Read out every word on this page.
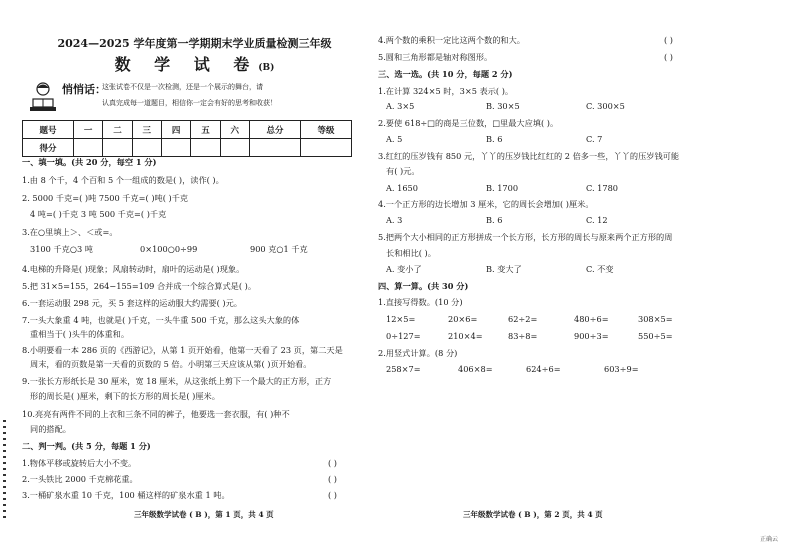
2024—2025 学年度第一学期期末学业质量检测三年级
数 学 试 卷(B)
悄悄话：
这张试卷不仅是一次检测，还是一个展示的舞台，请
认真完成每一道题目，相信你一定会有好的思考和收获！
题号	一	二	三	四	五	六	总分	等级
得分								
一、填一填。(共 20 分，每空 1 分)
1.由 8 个千，4 个百和 5 个一组成的数是( )，读作( )。
2. 5000 千克=( )吨 7500 千克=( )吨( )千克
4 吨=( )千克 3 吨 500 千克=( )千克
3.在○里填上＞、＜或=。
3100 千克○3 吨	0×100○0÷99	900 克○1 千克
4.电梯的升降是( )现象；风扇转动时，扇叶的运动是( )现象。
5.把 31×5=155，264−155=109 合并成一个综合算式是( )。
6.一套运动服 298 元，买 5 套这样的运动服大约需要( )元。
7.一头大象重 4 吨，也就是( )千克，一头牛重 500 千克，那么这头大象的体
重相当于( )头牛的体重和。
8.小明要看一本 286 页的《西游记》，从第 1 页开始看，他第一天看了 23 页，第二天是
周末，看的页数是第一天看的页数的 5 倍。小明第三天应该从第( )页开始看。
9.一张长方形纸长是 30 厘米，宽 18 厘米，从这张纸上剪下一个最大的正方形，正方
形的周长是( )厘米，剩下的长方形的周长是( )厘米。
10.亮亮有两件不同的上衣和三条不同的裤子，他要选一套衣服，有( )种不
同的搭配。
二、判一判。(共 5 分，每题 1 分)
1.物体平移或旋转后大小不变。	( )
2.一头铁比 2000 千克棉花重。	( )
3.一桶矿泉水重 10 千克，100 桶这样的矿泉水重 1 吨。	( )
三年级数学试卷 ( B )，第 1 页，共 4 页
4.两个数的乘积一定比这两个数的和大。	( )
5.圆和三角形都是轴对称图形。	( )
三、选一选。(共 10 分，每题 2 分)
1.在计算 324×5 时，3×5 表示( )。
A. 3×5	B. 30×5	C. 300×5
2.要使 618÷□的商是三位数，□里最大应填( )。
A. 5	B. 6	C. 7
3.红红的压岁钱有 850 元，丫丫的压岁钱比红红的 2 倍多一些，丫丫的压岁钱可能
有( )元。
A. 1650	B. 1700	C. 1780
4.一个正方形的边长增加 3 厘米，它的周长会增加( )厘米。
A. 3	B. 6	C. 12
5.把两个大小相同的正方形拼成一个长方形，长方形的周长与原来两个正方形的周
长和相比( )。
A. 变小了	B. 变大了	C. 不变
四、算一算。(共 30 分)
1.直接写得数。(10 分)
12×5=	20×6=	62÷2=	480÷6=	308×5=
0÷127=	210×4=	83÷8=	900÷3=	550÷5=
2.用竖式计算。(8 分)
258×7=	406×8=	624÷6=	603÷9=
三年级数学试卷 ( B )，第 2 页，共 4 页
正确云
